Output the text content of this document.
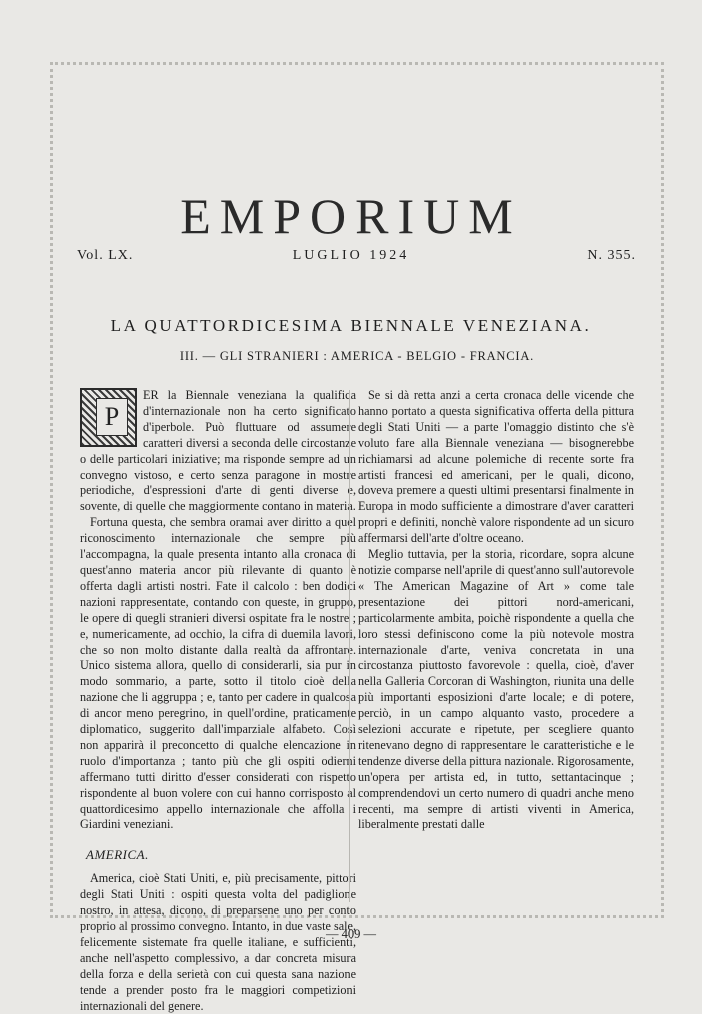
EMPORIUM
Vol. LX.	LUGLIO 1924	N. 355.
LA QUATTORDICESIMA BIENNALE VENEZIANA.
III. — GLI STRANIERI : AMERICA - BELGIO - FRANCIA.
P

ER la Biennale veneziana la qualifica d'internazionale non ha certo significato d'iperbole. Può fluttuare od assumere caratteri diversi a seconda delle circostanze o delle particolari iniziative; ma risponde sempre ad un convegno vistoso, e certo senza paragone in mostre periodiche, d'espressioni d'arte di genti diverse e, sovente, di quelle che maggiormente contano in materia.

Fortuna questa, che sembra oramai aver diritto a quel riconoscimento internazionale che sempre più l'accompagna, la quale presenta intanto alla cronaca di quest'anno materia ancor più rilevante di quanto è offerta dagli artisti nostri. Fate il calcolo : ben dodici nazioni rappresentate, contando con queste, in gruppo, le opere di quegli stranieri diversi ospitate fra le nostre ; e, numericamente, ad occhio, la cifra di duemila lavori, che so non molto distante dalla realtà da affrontare. Unico sistema allora, quello di considerarli, sia pur in modo sommario, a parte, sotto il titolo cioè della nazione che li aggruppa ; e, tanto per cadere in qualcosa di ancor meno peregrino, in quell'ordine, praticamente diplomatico, suggerito dall'imparziale alfabeto. Così non apparirà il preconcetto di qualche elencazione in ruolo d'importanza ; tanto più che gli ospiti odierni affermano tutti diritto d'esser considerati con rispetto rispondente al buon volere con cui hanno corrisposto al quattordicesimo appello internazionale che affolla i Giardini veneziani.

AMERICA.

America, cioè Stati Uniti, e, più precisamente, pittori degli Stati Uniti : ospiti questa volta del padiglione nostro, in attesa, dicono, di preparsene uno per conto proprio al prossimo convegno. Intanto, in due vaste sale, felicemente sistemate fra quelle italiane, e sufficienti, anche nell'aspetto complessivo, a dar concreta misura della forza e della serietà con cui questa sana nazione tende a prender posto fra le maggiori competizioni internazionali del genere.

Se si dà retta anzi a certa cronaca delle vicende che hanno portato a questa significativa offerta della pittura degli Stati Uniti — a parte l'omaggio distinto che s'è voluto fare alla Biennale veneziana — bisognerebbe richiamarsi ad alcune polemiche di recente sorte fra artisti francesi ed americani, per le quali, dicono, doveva premere a questi ultimi presentarsi finalmente in Europa in modo sufficiente a dimostrare d'aver caratteri propri e definiti, nonchè valore rispondente ad un sicuro affermarsi dell'arte d'oltre oceano.

Meglio tuttavia, per la storia, ricordare, sopra alcune notizie comparse nell'aprile di quest'anno sull'autorevole « The American Magazine of Art » come tale presentazione dei pittori nord-americani, particolarmente ambita, poichè rispondente a quella che loro stessi definiscono come la più notevole mostra internazionale d'arte, veniva concretata in una circostanza piuttosto favorevole : quella, cioè, d'aver nella Galleria Corcoran di Washington, riunita una delle più importanti esposizioni d'arte locale; e di potere, perciò, in un campo alquanto vasto, procedere a selezioni accurate e ripetute, per scegliere quanto ritenevano degno di rappresentare le caratteristiche e le tendenze diverse della pittura nazionale. Rigorosamente, un'opera per artista ed, in tutto, settantacinque ; comprendendovi un certo numero di quadri anche meno recenti, ma sempre di artisti viventi in America, liberalmente prestati dalle

— 409 —
